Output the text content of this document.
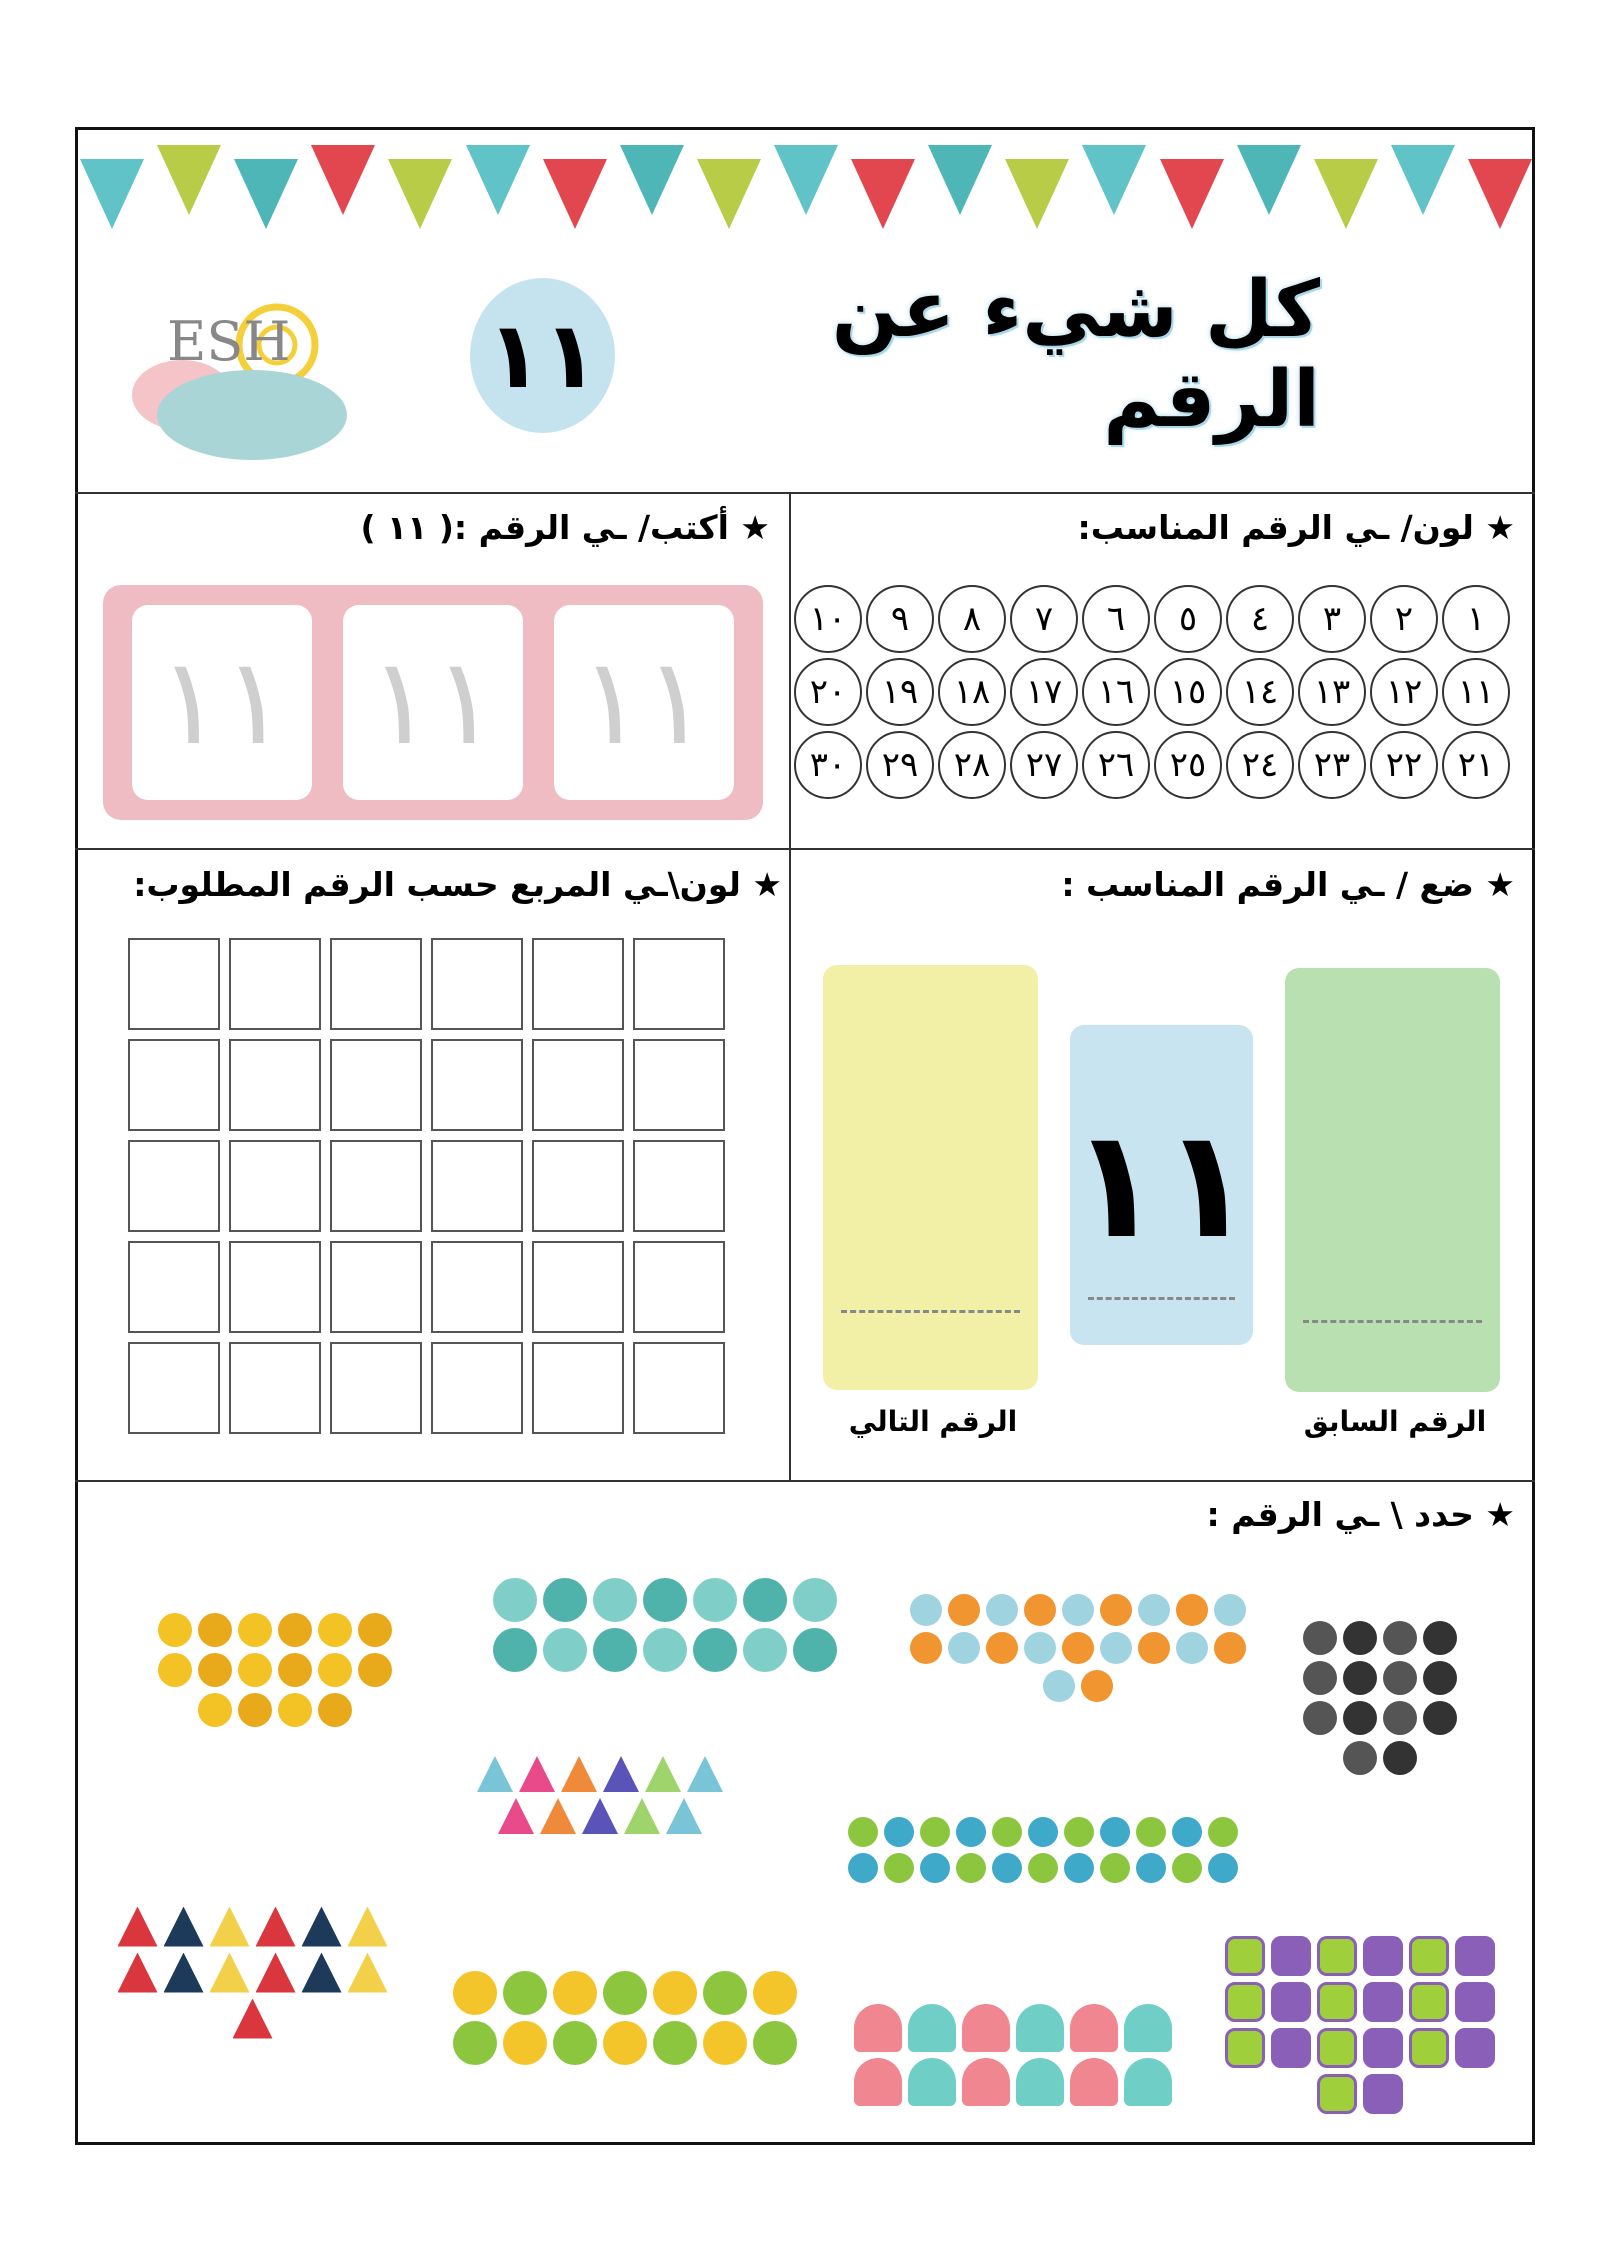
ESH	كل شيء عن الرقم
١١
★ لون/ ـي الرقم المناسب:
١
٢
٣
٤
٥
٦
٧
٨
٩
١٠
١١
١٢
١٣
١٤
١٥
١٦
١٧
١٨
١٩
٢٠
٢١
٢٢
٢٣
٢٤
٢٥
٢٦
٢٧
٢٨
٢٩
٣٠
★ أكتب/ ـي الرقم :( ١١ )
١١
١١
١١
★ ضع / ـي الرقم المناسب :
١١
الرقم السابق
الرقم التالي
★ لون\ـي المربع حسب الرقم المطلوب:
★ حدد \ ـي الرقم :
